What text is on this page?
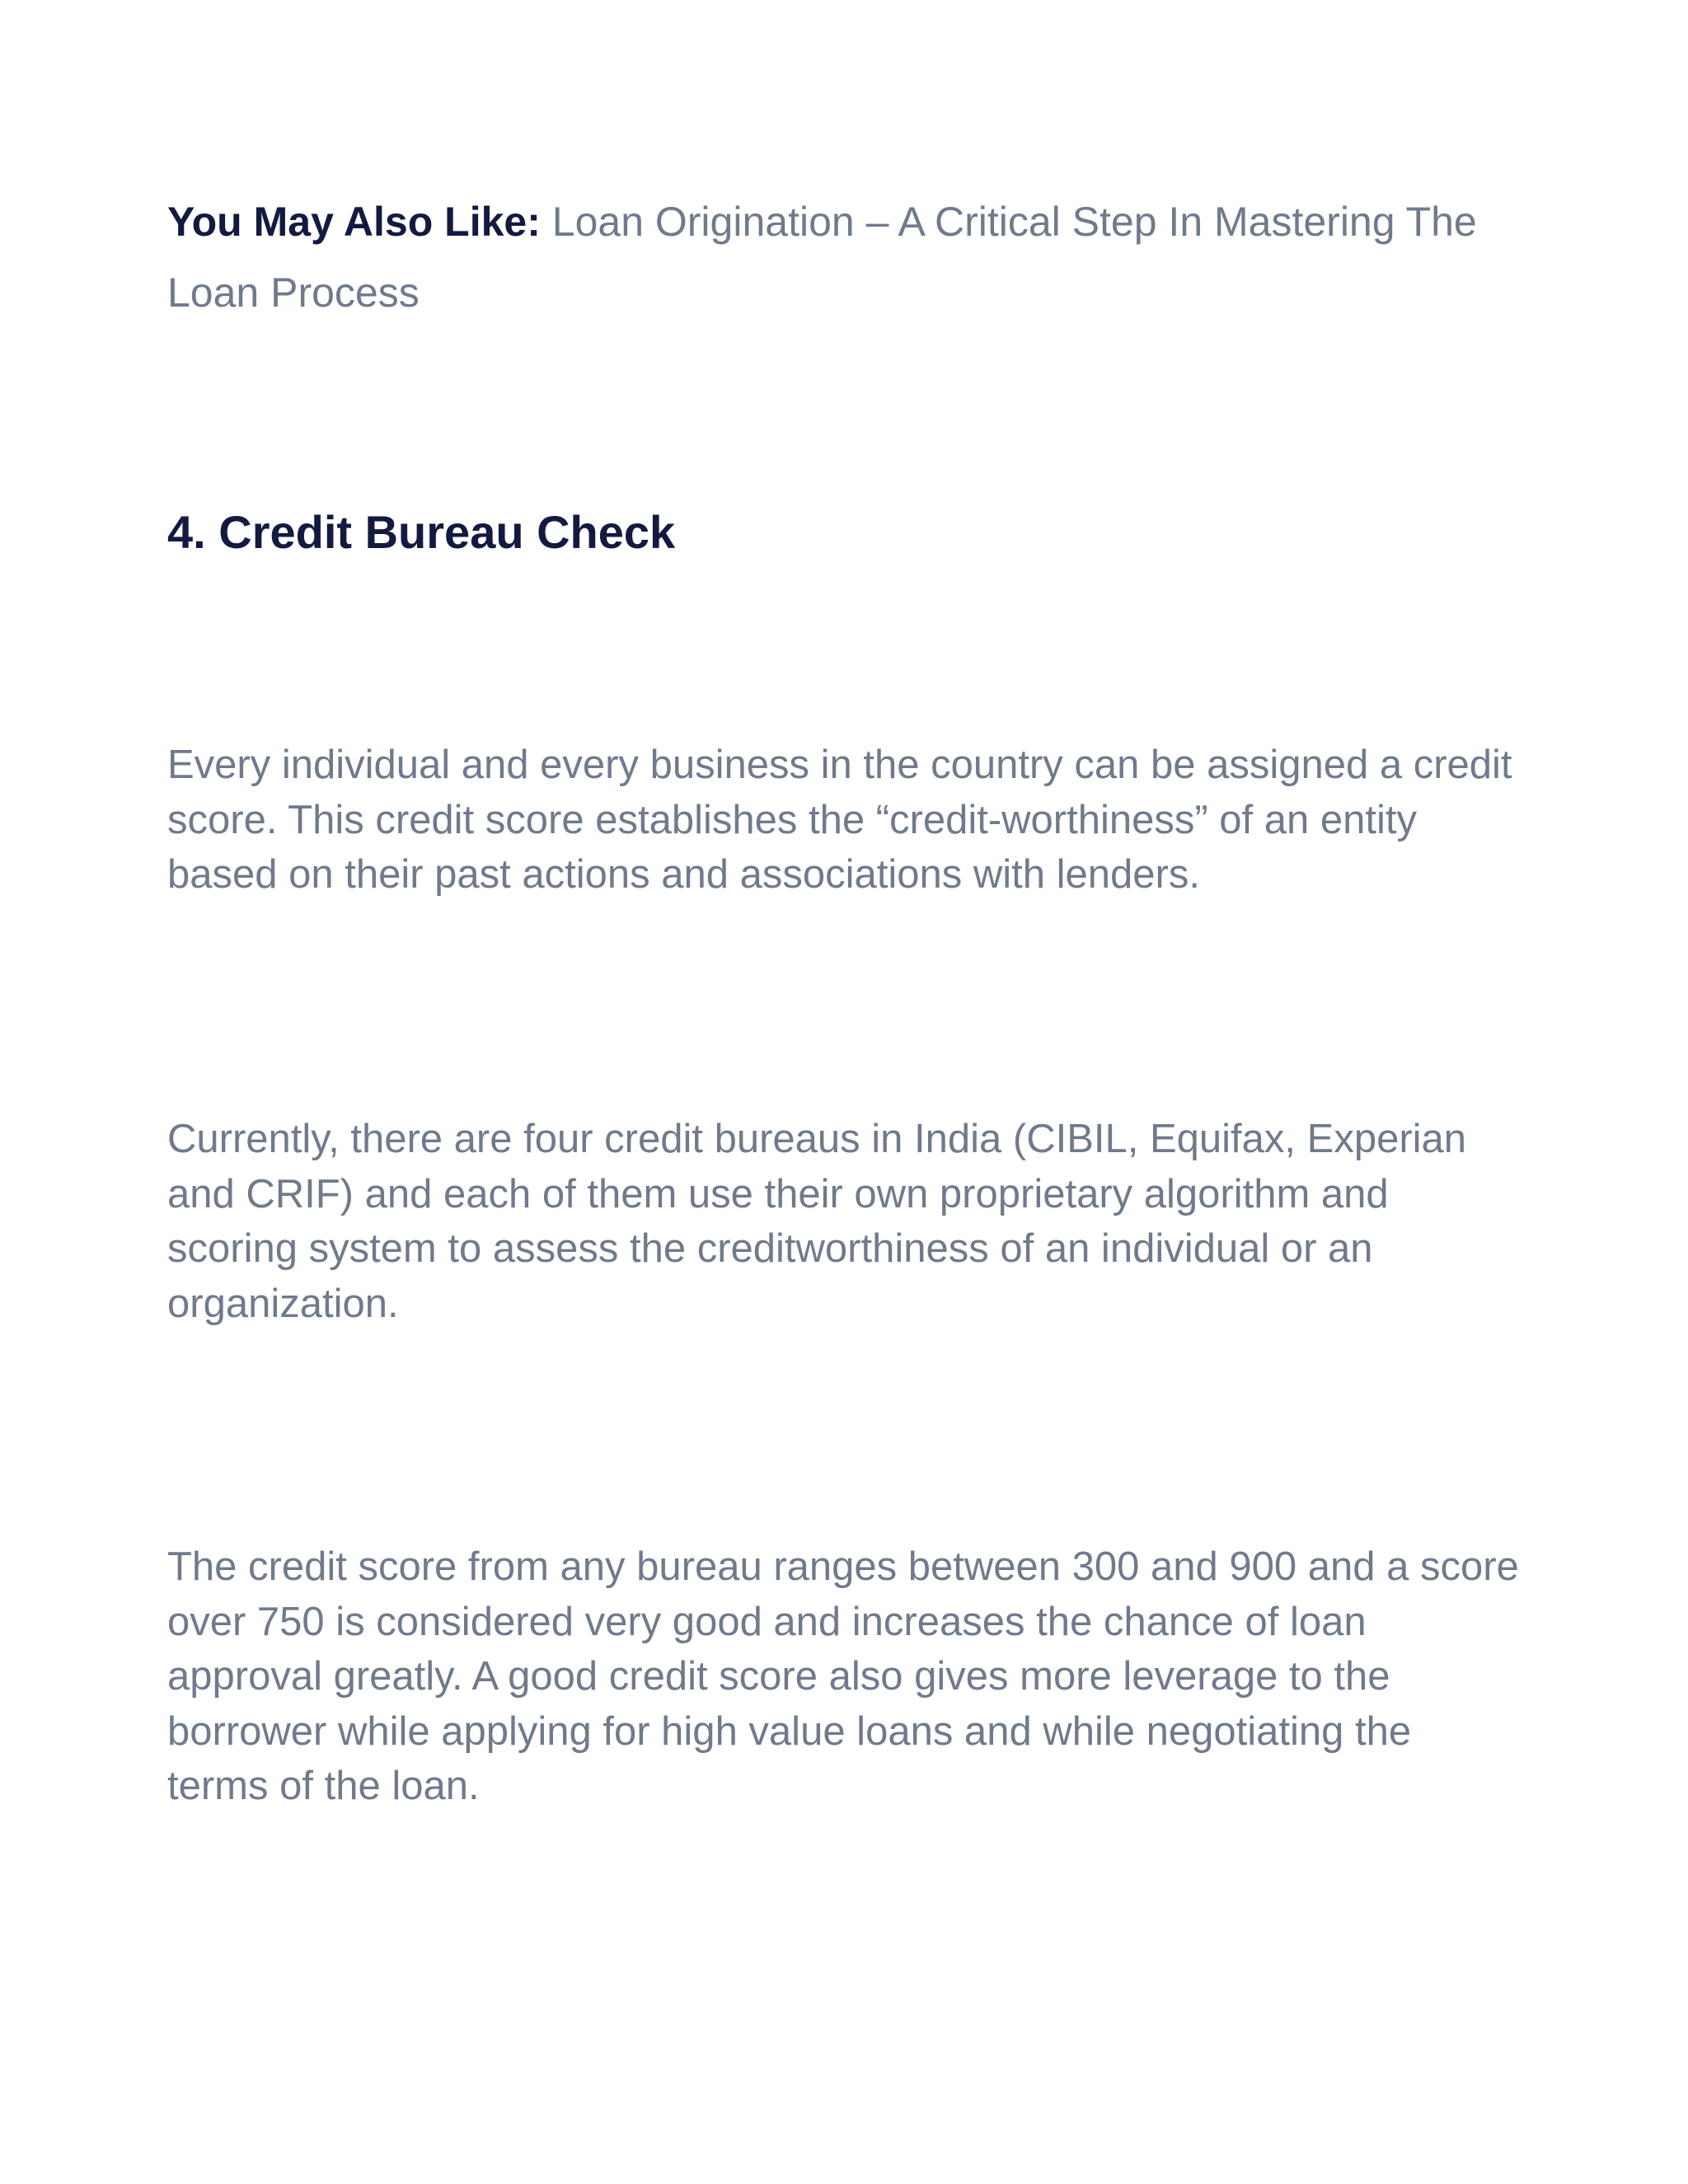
You May Also Like: Loan Origination – A Critical Step In Mastering The Loan Process

4. Credit Bureau Check

Every individual and every business in the country can be assigned a credit score. This credit score establishes the “credit-worthiness” of an entity based on their past actions and associations with lenders.

Currently, there are four credit bureaus in India (CIBIL, Equifax, Experian and CRIF) and each of them use their own proprietary algorithm and scoring system to assess the creditworthiness of an individual or an organization.

The credit score from any bureau ranges between 300 and 900 and a score over 750 is considered very good and increases the chance of loan approval greatly. A good credit score also gives more leverage to the borrower while applying for high value loans and while negotiating the terms of the loan.
